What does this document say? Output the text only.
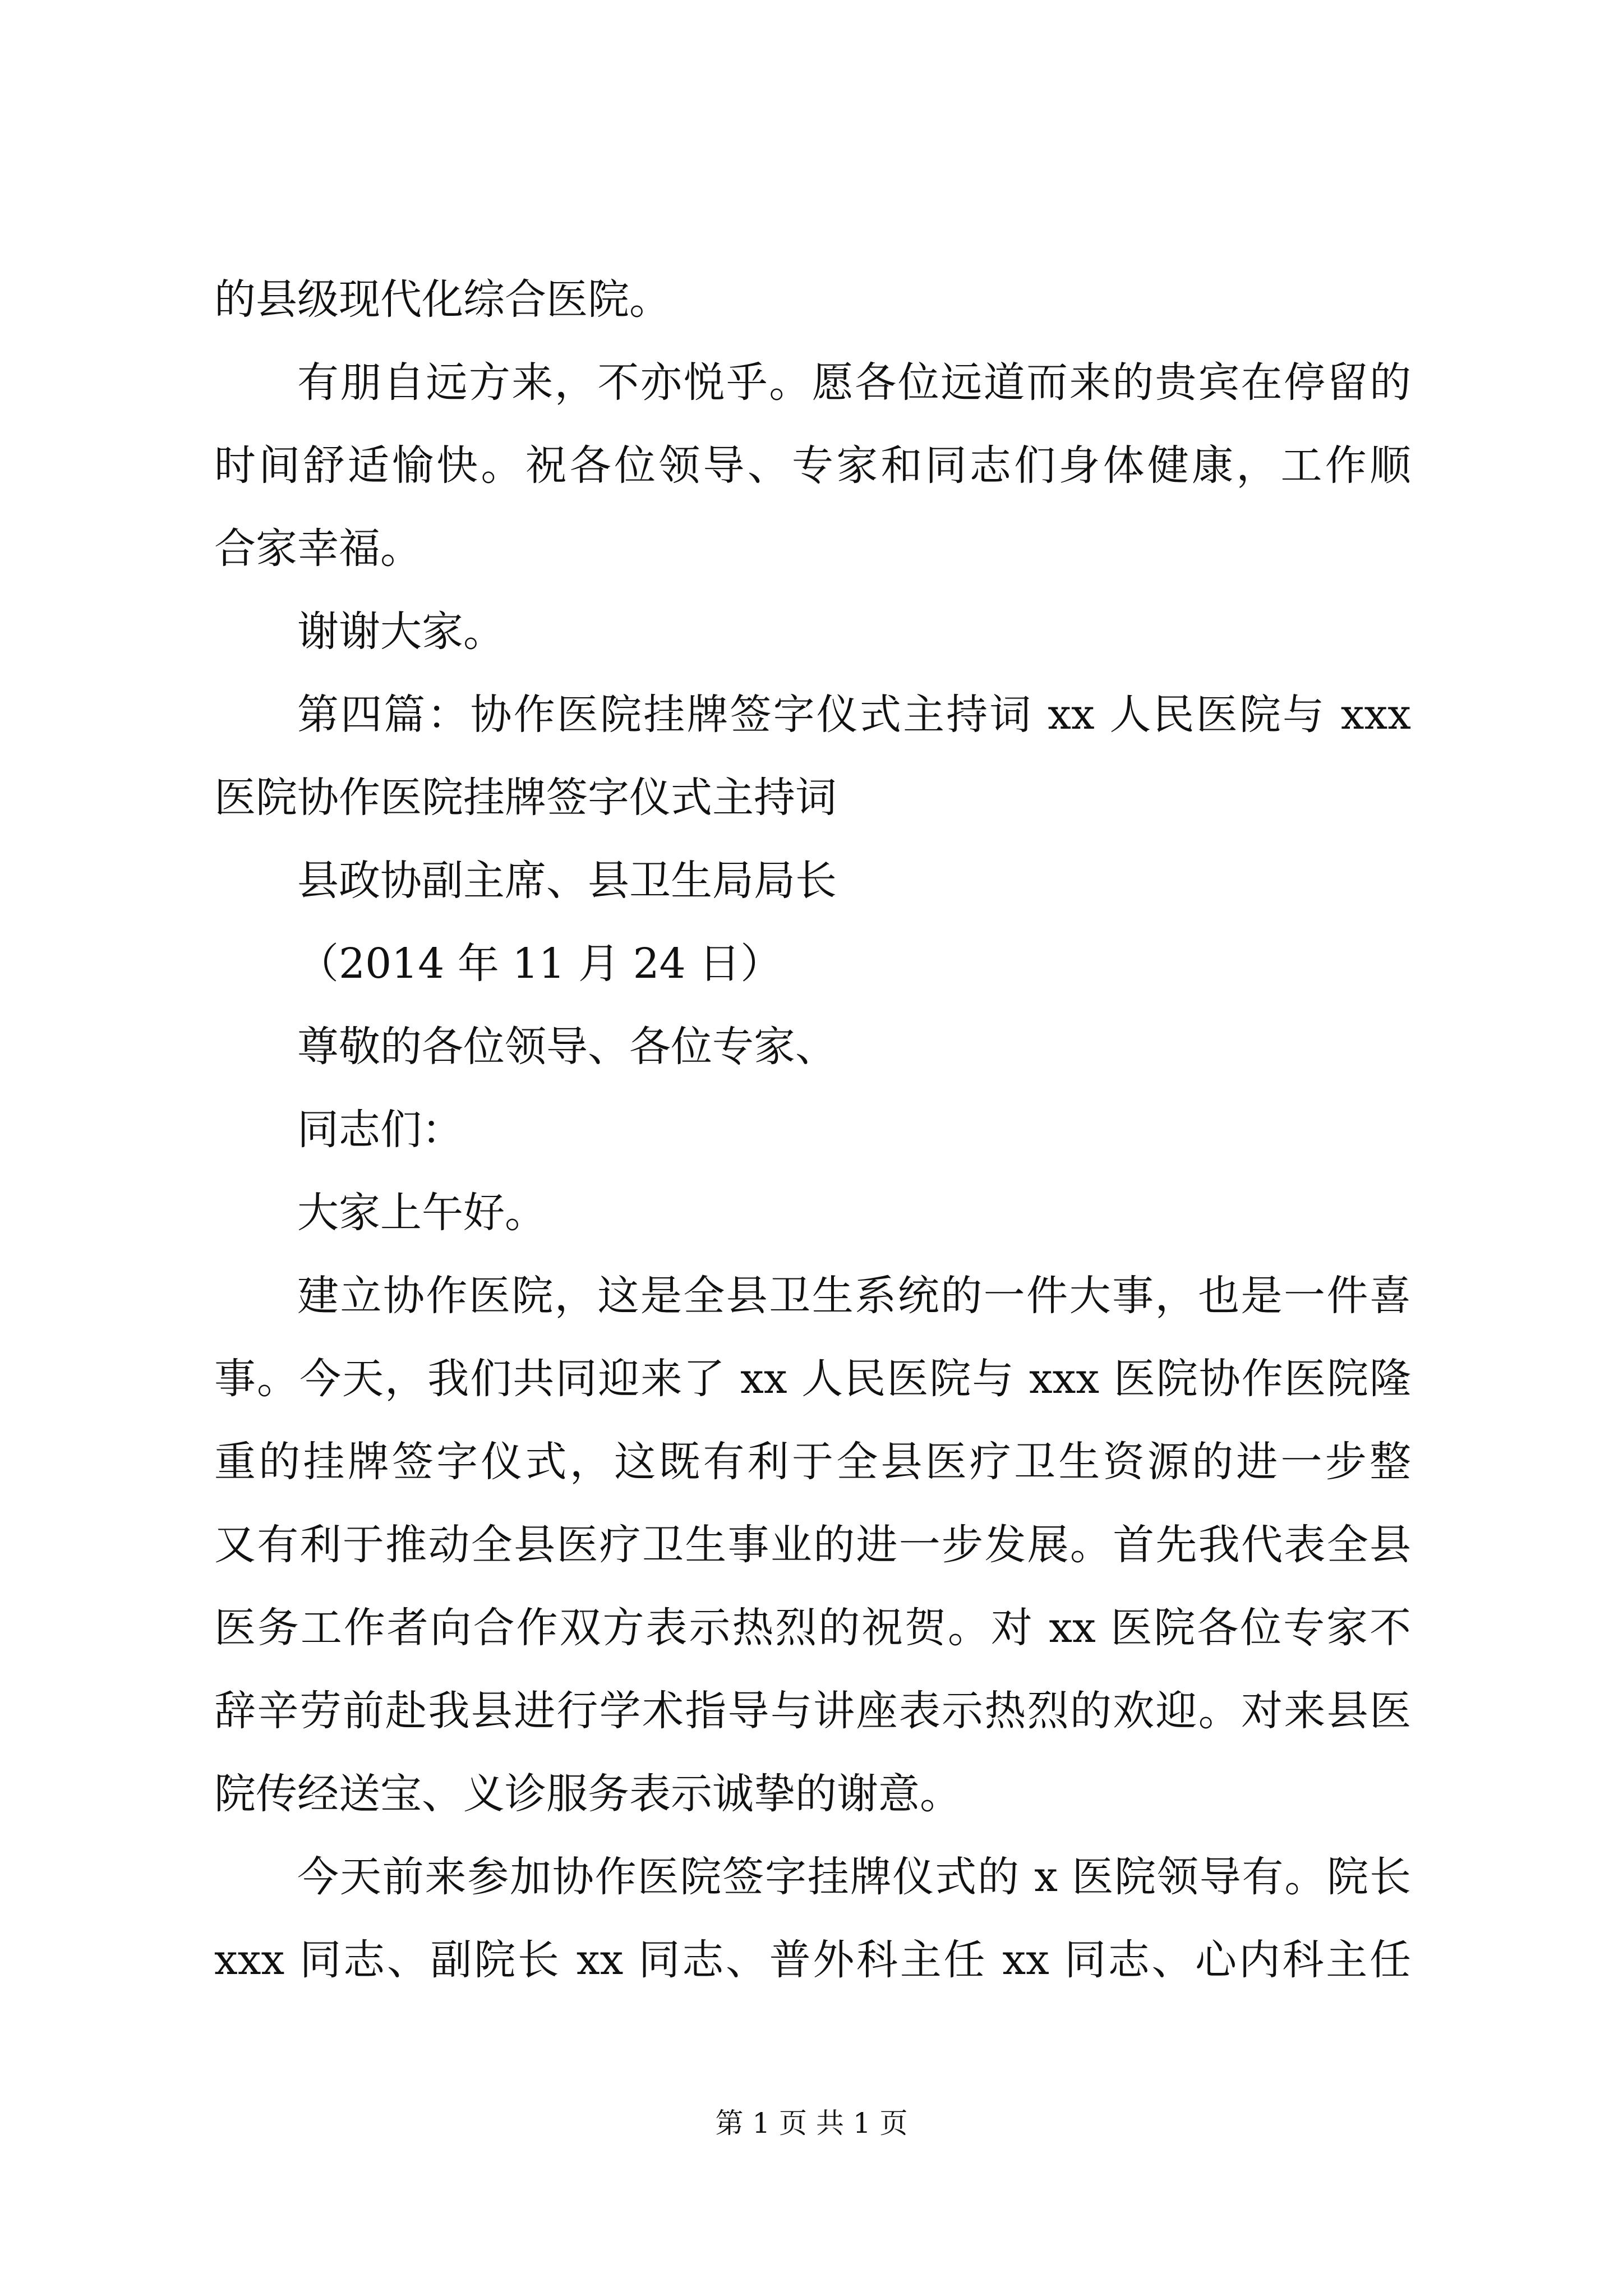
的县级现代化综合医院。
有朋自远方来，不亦悦乎。愿各位远道而来的贵宾在停留的
时间舒适愉快。祝各位领导、专家和同志们身体健康，工作顺
合家幸福。
谢谢大家。
第四篇：协作医院挂牌签字仪式主持词 xx 人民医院与 xxx
医院协作医院挂牌签字仪式主持词
县政协副主席、县卫生局局长
（2014 年 11 月 24 日）
尊敬的各位领导、各位专家、
同志们：
大家上午好。
建立协作医院，这是全县卫生系统的一件大事，也是一件喜
事。今天，我们共同迎来了 xx 人民医院与 xxx 医院协作医院隆
重的挂牌签字仪式，这既有利于全县医疗卫生资源的进一步整
又有利于推动全县医疗卫生事业的进一步发展。首先我代表全县
医务工作者向合作双方表示热烈的祝贺。对 xx 医院各位专家不
辞辛劳前赴我县进行学术指导与讲座表示热烈的欢迎。对来县医
院传经送宝、义诊服务表示诚挚的谢意。
今天前来参加协作医院签字挂牌仪式的 x 医院领导有。院长
xxx 同志、副院长 xx 同志、普外科主任 xx 同志、心内科主任
第 1 页 共 1 页
